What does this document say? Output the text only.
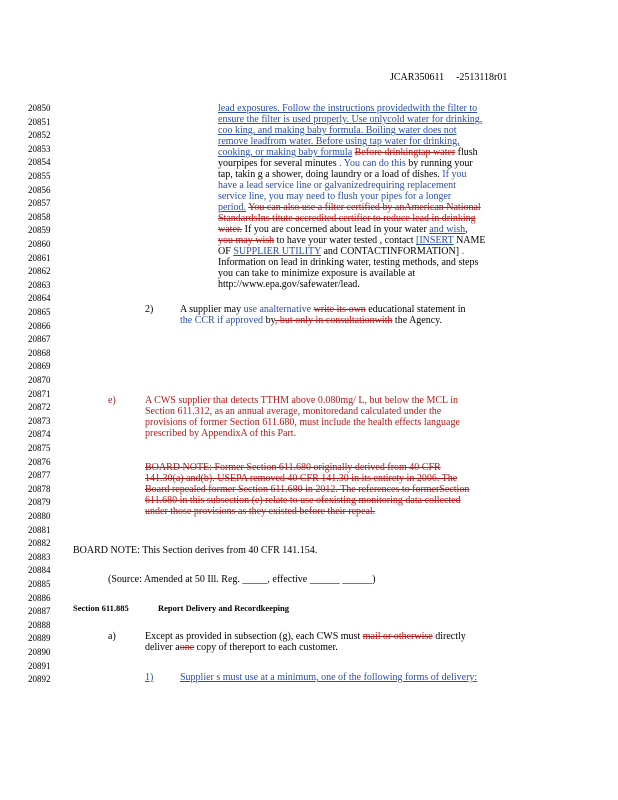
JCAR350611 -2513118r01
20850
20851
20852
20853
20854
20855
20856
20857
20858
20859
20860
20861
20862
20863
20864
20865
20866
20867
20868
20869
20870
20871
20872
20873
20874
20875
20876
20877
20878
20879
20880
20881
20882
20883
20884
20885
20886
20887
20888
20889
20890
20891
20892
lead exposures. Follow the instructions providedwith the filter to
ensure the filter is used properly. Use onlycold water for drinking,
coo king, and making baby formula. Boiling water does not
remove leadfrom water. Before using tap water for drinking,
cooking, or making baby formula Before drinkingtap water flush
yourpipes for several minutes . You can do this by running your
tap, takin g a shower, doing laundry or a load of dishes. If you
have a lead service line or galvanizedrequiring replacement
service line, you may need to flush your pipes for a longer
period. You can also use a filter certified by anAmerican National
StandardsIns titute accredited certifier to reduce lead in drinking
water. If you are concerned about lead in your water and wish,
you may wish to have your water tested , contact [INSERT NAME
OF SUPPLIER UTILITY and CONTACTINFORMATION] .
Information on lead in drinking water, testing methods, and steps
you can take to minimize exposure is available at
http://www.epa.gov/safewater/lead.
2)	A supplier may use analternative write its own educational statement in
the CCR if approved by, but only in consultationwith the Agency.
e)	A CWS supplier that detects TTHM above 0.080mg/ L, but below the MCL in
Section 611.312, as an annual average, monitoredand calculated under the
provisions of former Section 611.680, must include the health effects language
prescribed by AppendixA of this Part.
BOARD NOTE: Former Section 611.680 originally derived from 40 CFR
141.30(a) and(b). USEPA removed 40 CFR 141.30 in its entirety in 2006. The
Board repealed former Section 611.680 in 2012. The references to formerSection
611.680 in this subsection (e) relate to use ofexisting monitoring data collected
under those provisions as they existed before their repeal.
BOARD NOTE: This Section derives from 40 CFR 141.154.
(Source: Amended at 50 Ill. Reg. _____, effective ______ ______)
Section 611.885	Report Delivery and Recordkeeping
a)	Except as provided in subsection (g), each CWS must mail or otherwise directly
deliver aone copy of thereport to each customer.
1)	Supplier s must use at a minimum, one of the following forms of delivery:
